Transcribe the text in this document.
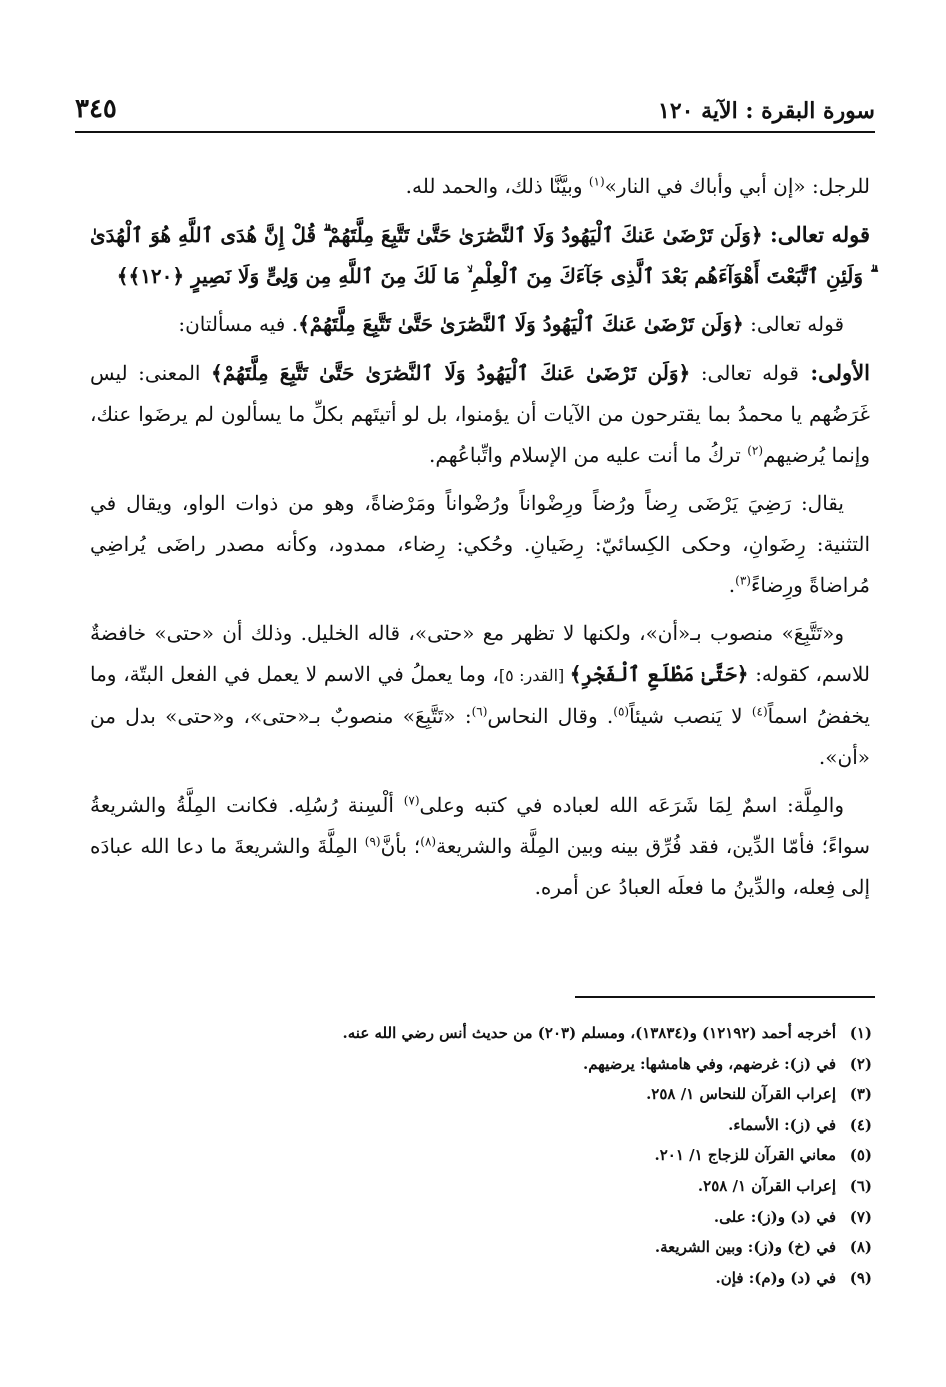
٣٤٥	سورة البقرة : الآية ١٢٠

للرجل: «إن أبي وأباك في النار»$^{(١)}$ وبيَّنَّا ذلك، والحمد لله.

قوله تعالى: ﴿وَلَن تَرْضَىٰ عَنكَ ٱلْيَهُودُ وَلَا ٱلنَّصَٰرَىٰ حَتَّىٰ تَتَّبِعَ مِلَّتَهُمْ ۗ قُلْ إِنَّ هُدَى ٱللَّهِ هُوَ ٱلْهُدَىٰ ۗ وَلَئِنِ ٱتَّبَعْتَ أَهْوَآءَهُم بَعْدَ ٱلَّذِى جَآءَكَ مِنَ ٱلْعِلْمِ ۙ مَا لَكَ مِنَ ٱللَّهِ مِن وَلِىٍّ وَلَا نَصِيرٍ ﴿١٢٠﴾﴾

قوله تعالى: ﴿وَلَن تَرْضَىٰ عَنكَ ٱلْيَهُودُ وَلَا ٱلنَّصَٰرَىٰ حَتَّىٰ تَتَّبِعَ مِلَّتَهُمْ﴾. فيه مسألتان:

الأولى: قوله تعالى: ﴿وَلَن تَرْضَىٰ عَنكَ ٱلْيَهُودُ وَلَا ٱلنَّصَٰرَىٰ حَتَّىٰ تَتَّبِعَ مِلَّتَهُمْ﴾ المعنى: ليس غَرَضُهم يا محمدُ بما يقترحون من الآيات أن يؤمنوا، بل لو أتيتَهم بكلِّ ما يسألون لم يرضَوا عنك، وإنما يُرضيهم$^{(٢)}$ تركُ ما أنت عليه من الإسلام واتِّباعُهم.

يقال: رَضِيَ يَرْضَى رِضاً ورُضاً ورِضْواناً ورُضْواناً ومَرْضاةً، وهو من ذوات الواو، ويقال في التثنية: رِضَوانِ، وحكى الكِسائيّ: رِضَيانِ. وحُكي: رِضاء، ممدود، وكأنه مصدر راضَى يُراضِي مُراضاةً ورِضاءً$^{(٣)}$.

و«تَتَّبِعَ» منصوب بـ«أن»، ولكنها لا تظهر مع «حتى»، قاله الخليل. وذلك أن «حتى» خافضةٌ للاسم، كقوله: ﴿حَتَّىٰ مَطْلَعِ ٱلْفَجْرِ﴾ [القدر: ٥]، وما يعملُ في الاسم لا يعمل في الفعل البتّة، وما يخفضُ اسماً$^{(٤)}$ لا يَنصب شيئاً$^{(٥)}$. وقال النحاس$^{(٦)}$: «تَتَّبِعَ» منصوبٌ بـ«حتى»، و«حتى» بدل من «أن».

والمِلَّة: اسمٌ لِمَا شَرَعَه الله لعباده في كتبه وعلى$^{(٧)}$ ألْسِنة رُسُلِه. فكانت المِلَّةُ والشريعةُ سواءً؛ فأمّا الدِّين، فقد فُرِّق بينه وبين المِلَّة والشريعة$^{(٨)}$؛ بأنَّ$^{(٩)}$ المِلَّةَ والشريعةَ ما دعا الله عبادَه إلى فِعله، والدِّينُ ما فعلَه العبادُ عن أمره.

(١)
أخرجه أحمد (١٢١٩٢) و(١٣٨٣٤)، ومسلم (٢٠٣) من حديث أنس رضي الله عنه.
(٢)
في (ز): غرضهم، وفي هامشها: يرضيهم.
(٣)
إعراب القرآن للنحاس ١/ ٢٥٨.
(٤)
في (ز): الأسماء.
(٥)
معاني القرآن للزجاج ١/ ٢٠١.
(٦)
إعراب القرآن ١/ ٢٥٨.
(٧)
في (د) و(ز): على.
(٨)
في (خ) و(ز): وبين الشريعة.
(٩)
في (د) و(م): فإن.
